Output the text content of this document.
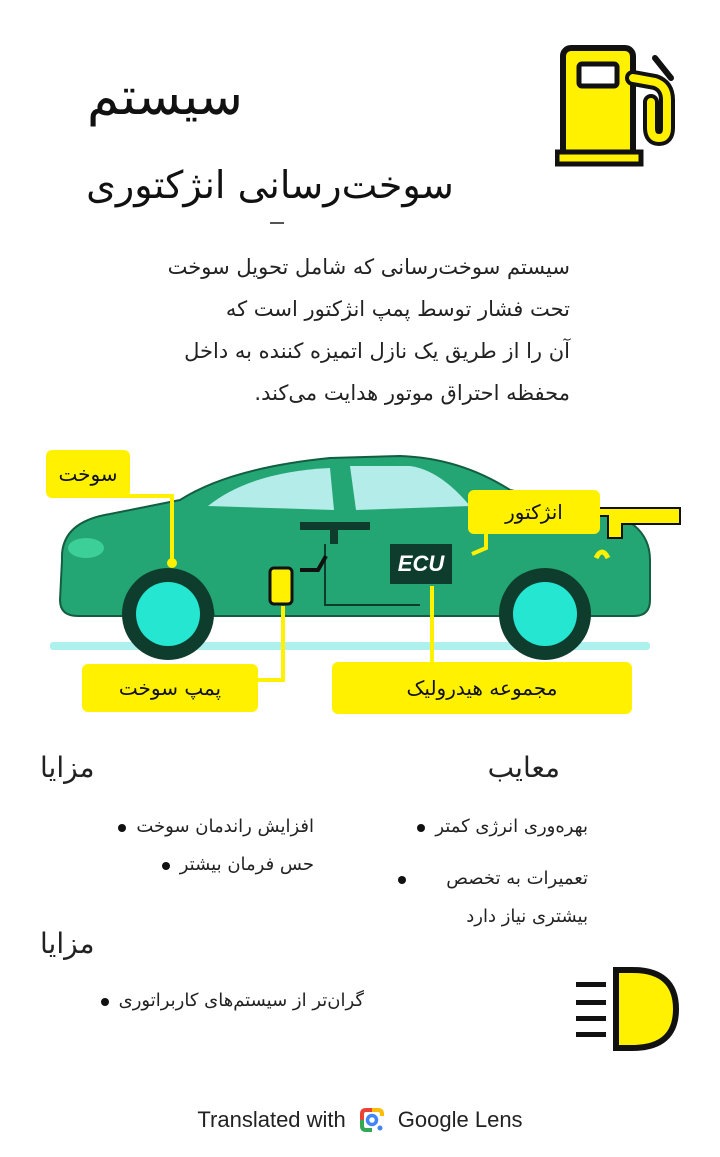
سیستم
سوخت‌رسانی انژکتوری
سیستم سوخت‌رسانی که شامل تحویل سوخت
تحت فشار توسط پمپ انژکتور است که
آن را از طریق یک نازل اتمیزه کننده به داخل
محفظه احتراق موتور هدایت می‌کند.
سوخت
انژکتور
ECU
پمپ سوخت	مجموعه هیدرولیک
مزایا
افزایش راندمان سوخت
حس فرمان بیشتر
معایب
بهره‌وری انرژی کمتر
تعمیرات به تخصص بیشتری نیاز دارد
مزایا
گران‌تر از سیستم‌های کاربراتوری
Translated with Google Lens
